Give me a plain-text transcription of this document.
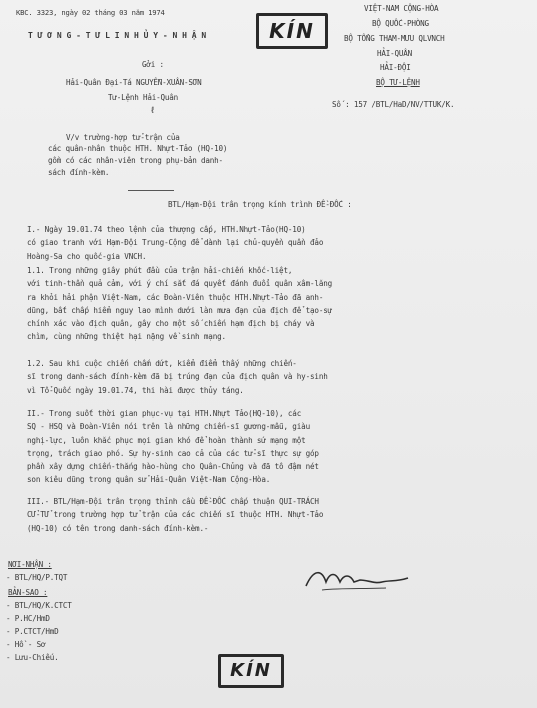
KBC. 3323, ngày 02 tháng 03 năm 1974
T Ư Ơ N G - T Ư L I N H Ủ Y - N H Ậ N
Gởi :
Hải-Quân Đại-Tá NGUYỄN-XUÂN-SƠN
Tư-Lệnh Hải-Quân
ℓ
V/v trường-hợp tử-trận của
các quân-nhân thuộc HTH. Nhựt-Tảo (HQ-10)
gồm có các nhân-viên trong phụ-bản danh-
sách đính-kèm.
KÍN
VIỆT-NAM CỘNG-HÒA
BỘ QUỐC-PHÒNG
BỘ TỔNG THAM-MƯU QLVNCH
HẢI-QUÂN
HẢI-ĐỘI
BỘ TƯ-LỆNH
Số : 157 /BTL/HaD/NV/TTUK/K.
BTL/Hạm-Đội trân trọng kính trình ĐỀ-ĐỐC :
I.- Ngày 19.01.74 theo lệnh của thượng cấp, HTH.Nhựt-Tảo(HQ-10)
có giao tranh với Hạm-Đội Trung-Cộng để dành lại chủ-quyền quần đảo
Hoàng-Sa cho quốc-gia VNCH.
1.1. Trong những giây phút đầu của trận hải-chiến khốc-liệt,
với tinh-thần quả cảm, với ý chí sắt đá quyết đánh đuổi quân xâm-lăng
ra khỏi hải phận Việt-Nam, các Đoàn-Viên thuộc HTH.Nhựt-Tảo đã anh-
dũng, bất chấp hiểm nguy lao mình dưới làn mưa đạn của địch để tạo-sự
chính xác vào địch quân, gây cho một số chiến hạm địch bị cháy và
chìm, cùng những thiệt hại nặng về sinh mạng.
1.2. Sau khi cuộc chiến chấm dứt, kiểm điểm thấy những chiến-
sĩ trong danh-sách đính-kèm đã bị trúng đạn của địch quân và hy-sinh
vì Tổ-Quốc ngày 19.01.74, thi hài được thủy táng.
II.- Trong suốt thời gian phục-vụ tại HTH.Nhựt Tảo(HQ-10), các
SQ - HSQ và Đoàn-Viên nói trên là những chiến-sĩ gương-mẫu, giàu
nghị-lực, luôn khắc phục mọi gian khó để hoàn thành sứ mạng một
trọng, trách giao phó. Sự hy-sinh cao cả của các tử-sĩ thực sự góp
phần xây dựng chiến-thắng hào-hùng cho Quân-Chủng và đã tô đậm nét
son kiêu dũng trong quân sử Hải-Quân Việt-Nam Cộng-Hòa.
III.- BTL/Hạm-Đội trân trọng thỉnh cầu ĐỀ-ĐỐC chấp thuận QUI-TRÁCH
CỬ-TỬ trong trường hợp tử trận của các chiến sĩ thuộc HTH. Nhựt-Tảo
(HQ-10) có tên trong danh-sách đính-kèm.-
NƠI-NHẬN :
- BTL/HQ/P.TQT
BẢN-SAO :
- BTL/HQ/K.CTCT
- P.HC/HmD
- P.CTCT/HmD
- Hồ - Sơ
- Lưu-Chiếu.
KÍN
